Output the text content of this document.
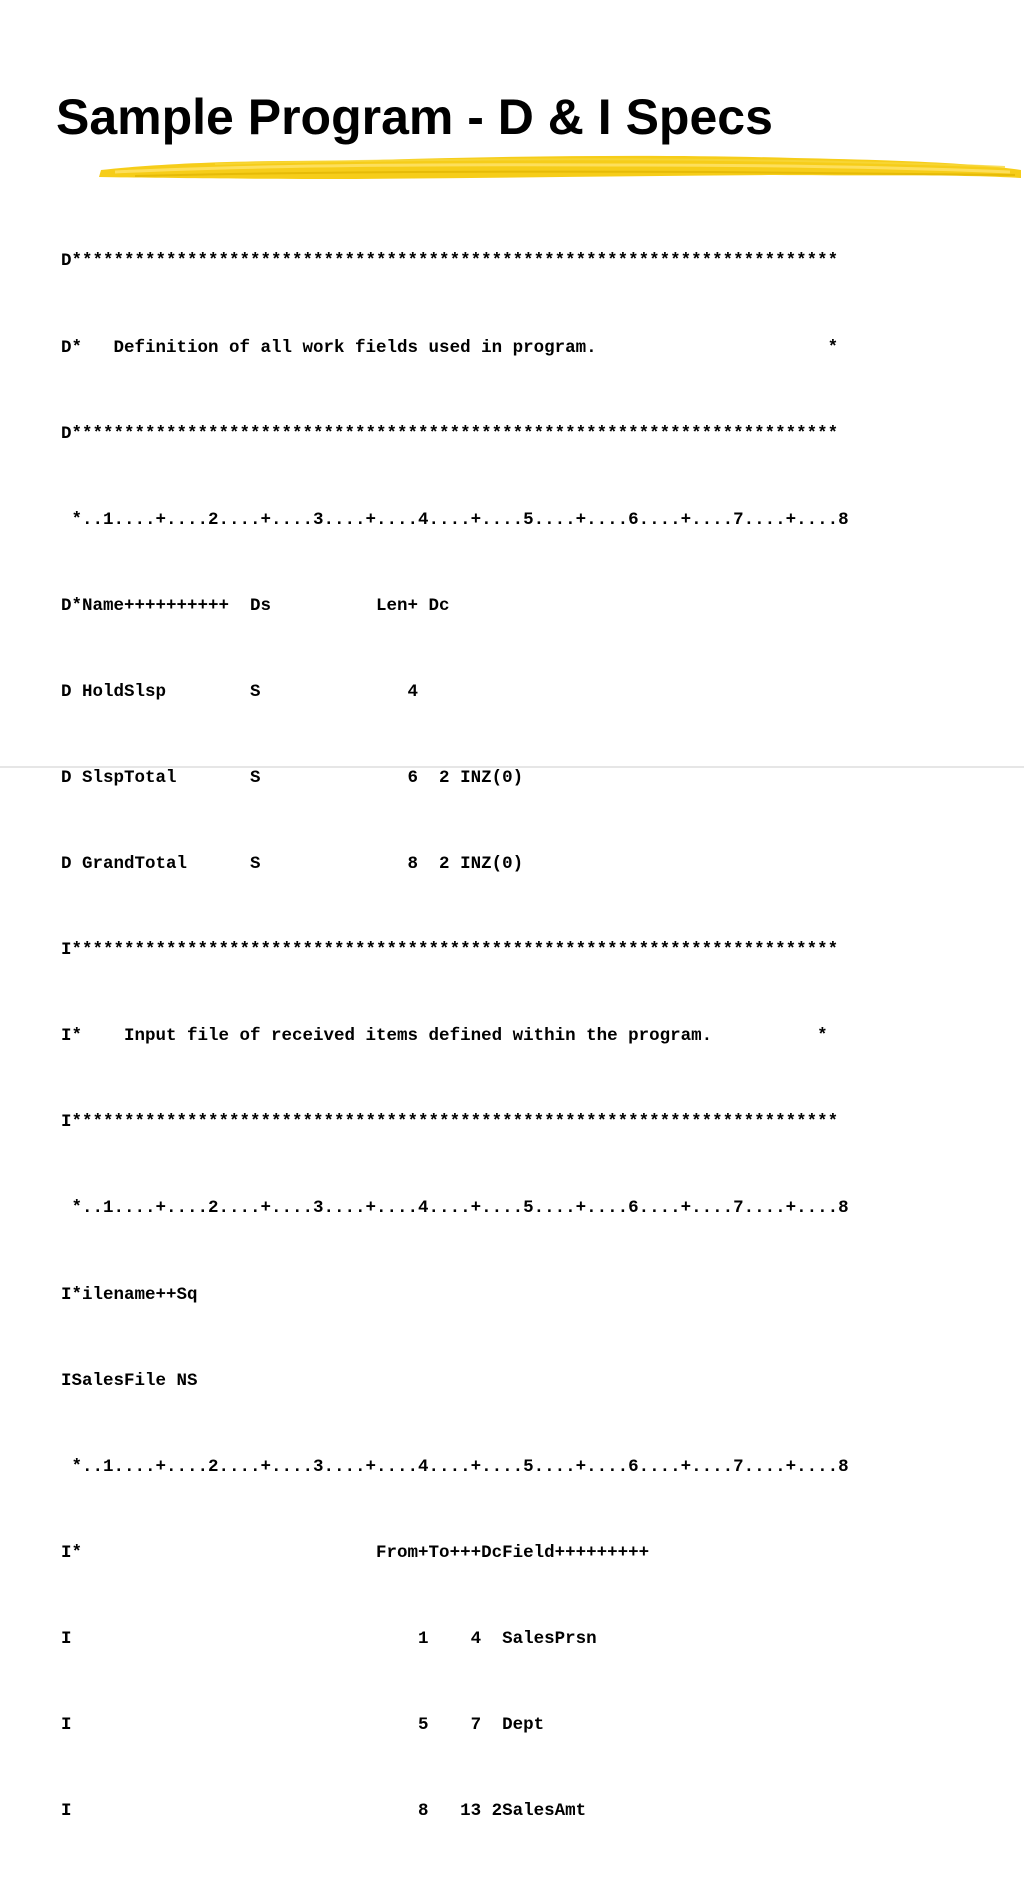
Sample Program - D & I Specs

D*************************************************************************

D*   Definition of all work fields used in program.                      *

D*************************************************************************

*..1....+....2....+....3....+....4....+....5....+....6....+....7....+....8

D*Name++++++++++  Ds          Len+ Dc

D HoldSlsp        S              4

D SlspTotal       S              6  2 INZ(0)

D GrandTotal      S              8  2 INZ(0)

I*************************************************************************

I*    Input file of received items defined within the program.          *

I*************************************************************************

*..1....+....2....+....3....+....4....+....5....+....6....+....7....+....8

I*ilename++Sq

ISalesFile NS

*..1....+....2....+....3....+....4....+....5....+....6....+....7....+....8

I*                            From+To+++DcField+++++++++

I                                 1    4  SalesPrsn

I                                 5    7  Dept

I                                 8   13 2SalesAmt
